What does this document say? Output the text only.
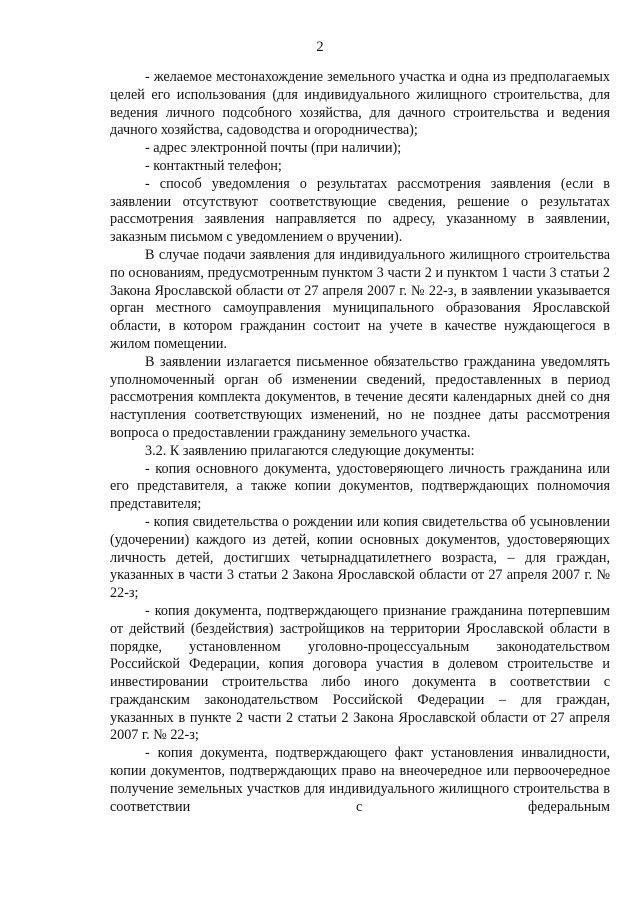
2

- желаемое местонахождение земельного участка и одна из предполагаемых целей его использования (для индивидуального жилищного строительства, для ведения личного подсобного хозяйства, для дачного строительства и ведения дачного хозяйства, садоводства и огородничества);

- адрес электронной почты (при наличии);

- контактный телефон;

- способ уведомления о результатах рассмотрения заявления (если в заявлении отсутствуют соответствующие сведения, решение о результатах рассмотрения заявления направляется по адресу, указанному в заявлении, заказным письмом с уведомлением о вручении).

В случае подачи заявления для индивидуального жилищного строительства по основаниям, предусмотренным пунктом 3 части 2 и пунктом 1 части 3 статьи 2 Закона Ярославской области от 27 апреля 2007 г. № 22-з, в заявлении указывается орган местного самоуправления муниципального образования Ярославской области, в котором гражданин состоит на учете в качестве нуждающегося в жилом помещении.

В заявлении излагается письменное обязательство гражданина уведомлять уполномоченный орган об изменении сведений, предоставленных в период рассмотрения комплекта документов, в течение десяти календарных дней со дня наступления соответствующих изменений, но не позднее даты рассмотрения вопроса о предоставлении гражданину земельного участка.

3.2. К заявлению прилагаются следующие документы:

- копия основного документа, удостоверяющего личность гражданина или его представителя, а также копии документов, подтверждающих полномочия представителя;

- копия свидетельства о рождении или копия свидетельства об усыновлении (удочерении) каждого из детей, копии основных документов, удостоверяющих личность детей, достигших четырнадцатилетнего возраста, – для граждан, указанных в части 3 статьи 2 Закона Ярославской области от 27 апреля 2007 г. № 22-з;

- копия документа, подтверждающего признание гражданина потерпевшим от действий (бездействия) застройщиков на территории Ярославской области в порядке, установленном уголовно-процессуальным законодательством Российской Федерации, копия договора участия в долевом строительстве и инвестировании строительства либо иного документа в соответствии с гражданским законодательством Российской Федерации – для граждан, указанных в пункте 2 части 2 статьи 2 Закона Ярославской области от 27 апреля 2007 г. № 22-з;

- копия документа, подтверждающего факт установления инвалидности, копии документов, подтверждающих право на внеочередное или первоочередное получение земельных участков для индивидуального жилищного строительства в соответствии с федеральным
